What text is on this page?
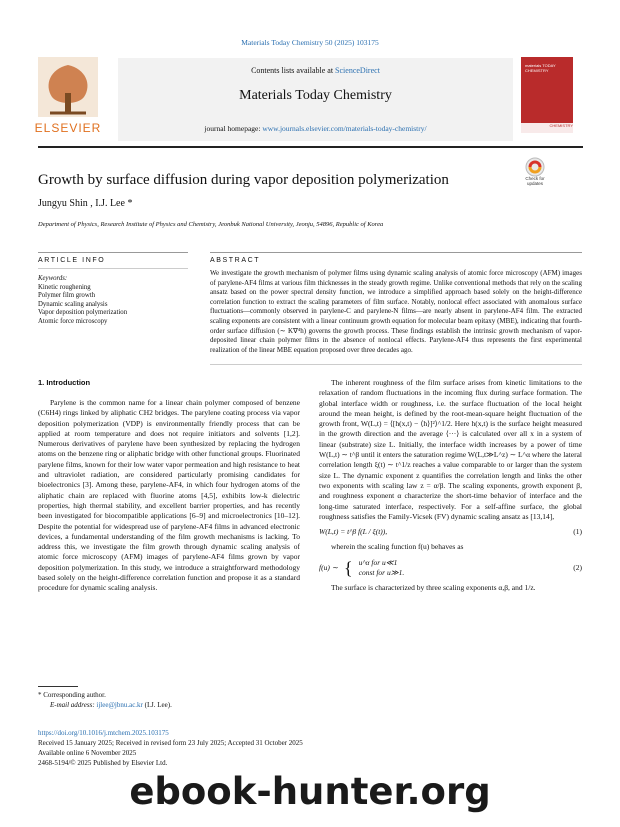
Materials Today Chemistry 50 (2025) 103175
ELSEVIER
Contents lists available at ScienceDirect
Materials Today Chemistry
journal homepage: www.journals.elsevier.com/materials-today-chemistry/
materials TODAY CHEMISTRY
CHEMISTRY
Growth by surface diffusion during vapor deposition polymerization	Check for updates
Jungyu Shin , I.J. Lee *
Department of Physics, Research Institute of Physics and Chemistry, Jeonbuk National University, Jeonju, 54896, Republic of Korea
ARTICLE INFO	ABSTRACT
Keywords:
Kinetic roughening
Polymer film growth
Dynamic scaling analysis
Vapor deposition polymerization
Atomic force microscopy
We investigate the growth mechanism of polymer films using dynamic scaling analysis of atomic force microscopy (AFM) images of parylene-AF4 films at various film thicknesses in the steady growth regime. Unlike conventional methods that rely on the scaling ansatz based on the power spectral density function, we introduce a simplified approach based solely on the height-difference correlation function to extract the scaling parameters of film surface. Notably, nonlocal effect associated with anomalous surface fluctuations—commonly observed in parylene-C and parylene-N films—are nearly absent in parylene-AF4 film. The extracted scaling exponents are consistent with a linear continuum growth equation for molecular beam epitaxy (MBE), indicating that fourth-order surface diffusion (∼ K∇⁴h) governs the growth process. These findings establish the intrinsic growth mechanism of vapor-deposited linear chain polymer films in the absence of nonlocal effects. Parylene-AF4 thus represents the first experimental realization of the linear MBE equation proposed over three decades ago.
1. Introduction

Parylene is the common name for a linear chain polymer composed of benzene (C6H4) rings linked by aliphatic CH2 bridges. The parylene coating process via vapor deposition polymerization (VDP) is environmentally friendly process that can be applied at room temperature and does not require initiators and solvents [1,2]. Numerous derivatives of parylene have been synthesized by replacing the hydrogen atoms on the benzene ring or aliphatic bridge with other functional groups. Fluorinated parylene films, known for their low water vapor permeation and high resistance to heat and ultraviolet radiation, are considered particularly promising candidates for bioelectronics [3]. Among these, parylene-AF4, in which four hydrogen atoms of the aliphatic chain are replaced with fluorine atoms [4,5], exhibits low-k dielectric properties, high thermal stability, and excellent barrier properties, and has recently been investigated for biocompatible applications [6–9] and microelectronics [10–12]. Despite the potential for widespread use of parylene-AF4 films in advanced electronic devices, a fundamental understanding of the film growth mechanisms is lacking. To address this, we investigate the film growth through dynamic scaling analysis of atomic force microscopy (AFM) images of parylene-AF4 films grown by vapor deposition polymerization. In this study, we introduce a straightforward methodology based solely on the height-difference correlation function and propose it as a standard procedure for dynamic scaling analysis.

The inherent roughness of the film surface arises from kinetic limitations to the relaxation of random fluctuations in the incoming flux during surface formation. The global interface width or roughness, i.e. the surface fluctuation of the local height around the mean height, is defined by the root-mean-square height fluctuation of the growth front, W(L,t) = ⟨[h(x,t) − ⟨h⟩]²⟩^1/2. Here h(x,t) is the surface height measured in the growth direction and the average ⟨···⟩ is calculated over all x in a system of linear (substrate) size L. Initially, the interface width increases by a power of time W(L,t) ∼ t^β until it enters the saturation regime W(L,t≫L^z) ∼ L^α where the lateral correlation length ξ(t) ∼ t^1/z reaches a value comparable to or larger than the system size L. The dynamic exponent z quantifies the correlation length and links the other two exponents with scaling law z = α/β. The scaling exponents, growth exponent β, and roughness exponent α characterize the short-time behavior of interface and the long-time saturated interface, respectively. For a self-affine surface, the global roughness satisfies the Family-Vicsek (FV) dynamic scaling ansatz as [13,14],

W(L,t) = t^β f(L / ξ(t)),	(1)

wherein the scaling function f(u) behaves as

f(u) ∼ { u^α for u≪1
const for u≫1.
(2)

The surface is characterized by three scaling exponents α,β, and 1/z.

* Corresponding author.
E-mail address: ijlee@jbnu.ac.kr (I.J. Lee).
https://doi.org/10.1016/j.mtchem.2025.103175
Received 15 January 2025; Received in revised form 23 July 2025; Accepted 31 October 2025
Available online 6 November 2025
2468-5194/© 2025 Published by Elsevier Ltd.
ebook-hunter.org
